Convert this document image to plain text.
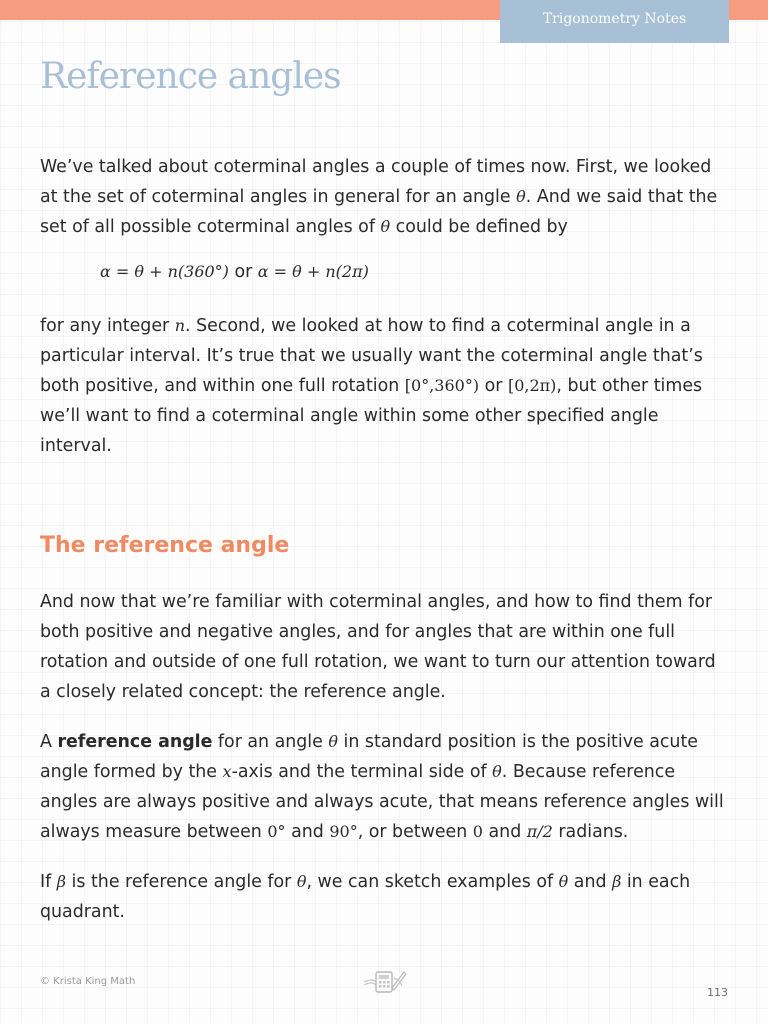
Trigonometry Notes
Reference angles

We’ve talked about coterminal angles a couple of times now. First, we looked at the set of coterminal angles in general for an angle θ. And we said that the set of all possible coterminal angles of θ could be defined by

α = θ + n(360°) or α = θ + n(2π)

for any integer n. Second, we looked at how to find a coterminal angle in a particular interval. It’s true that we usually want the coterminal angle that’s both positive, and within one full rotation [0°,360°) or [0,2π), but other times we’ll want to find a coterminal angle within some other specified angle interval.

The reference angle

And now that we’re familiar with coterminal angles, and how to find them for both positive and negative angles, and for angles that are within one full rotation and outside of one full rotation, we want to turn our attention toward a closely related concept: the reference angle.

A reference angle for an angle θ in standard position is the positive acute angle formed by the x-axis and the terminal side of θ. Because reference angles are always positive and always acute, that means reference angles will always measure between 0° and 90°, or between 0 and π/2 radians.

If β is the reference angle for θ, we can sketch examples of θ and β in each quadrant.

© Krista King Math
113
